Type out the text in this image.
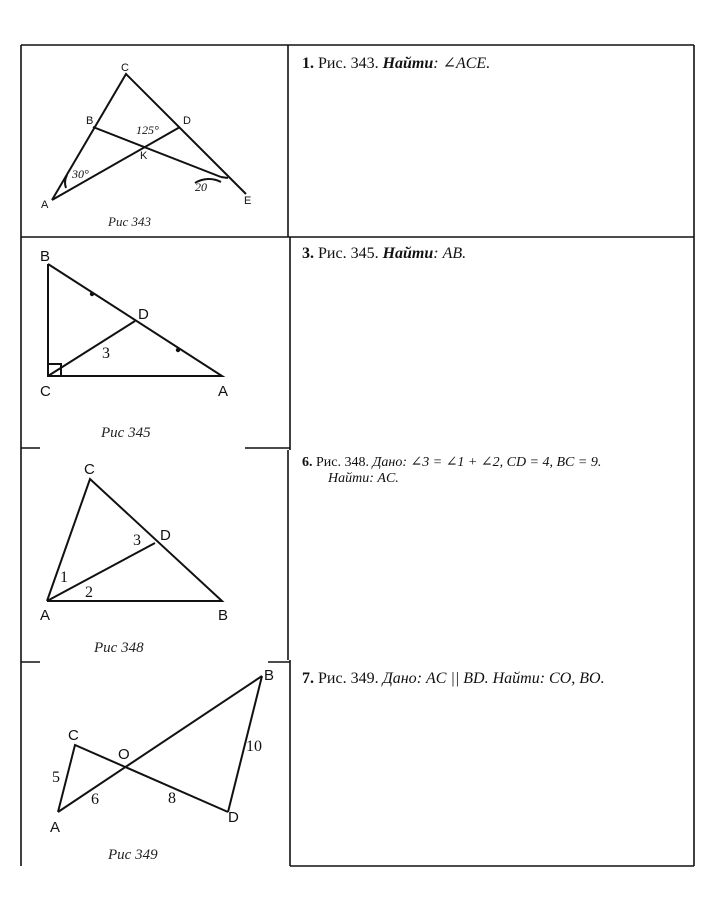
C
B	D
K
A	E
30°
125°
20
Рис 343
B
D
C	A
3
Рис 345
C
D
A	B
1
2
3
Рис 348
C
O
B
A
D
5
6	8
10
Рис 349
1. Рис. 343. Найти: ∠ACE.
3. Рис. 345. Найти: AB.
6. Рис. 348. Дано: ∠3 = ∠1 + ∠2, CD = 4, BC = 9.
Найти: AC.
7. Рис. 349. Дано: AC || BD. Найти: CO, BO.
